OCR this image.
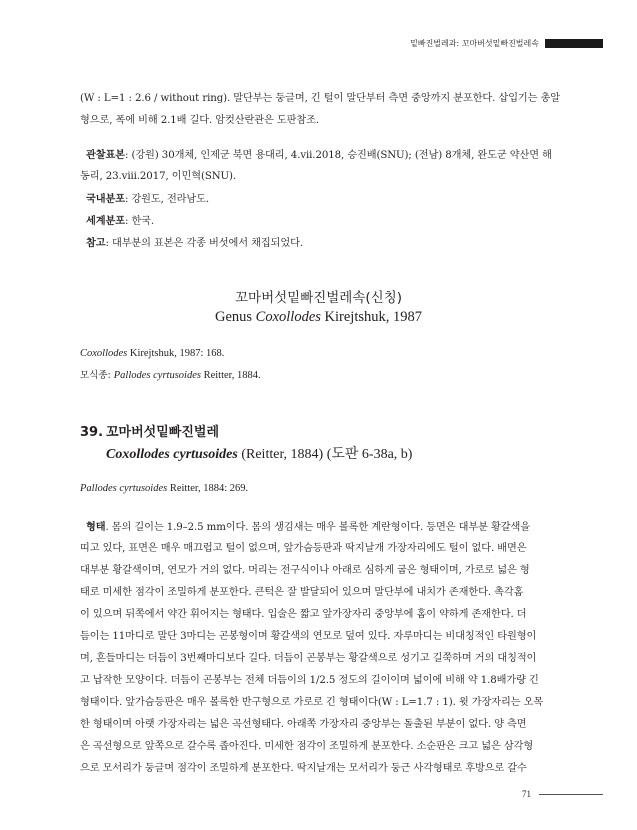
밑빠진벌레과: 꼬마버섯밑빠진벌레속

(W : L=1 : 2.6 / without ring). 말단부는 둥글며, 긴 털이 말단부터 측면 중앙까지 분포한다. 삽입기는 총알

형으로, 폭에 비해 2.1배 길다. 암컷산란관은 도판참조.

관찰표본: (강원) 30개체, 인제군 북면 용대리, 4.vii.2018, 승진배(SNU); (전남) 8개체, 완도군 약산면 해

동리, 23.viii.2017, 이민혁(SNU).

국내분포: 강원도, 전라남도.

세계분포: 한국.

참고: 대부분의 표본은 각종 버섯에서 채집되었다.

꼬마버섯밑빠진벌레속(신칭)
Genus Coxollodes Kirejtshuk, 1987

Coxollodes Kirejtshuk, 1987: 168.

모식종: Pallodes cyrtusoides Reitter, 1884.

39. 꼬마버섯밑빠진벌레
Coxollodes cyrtusoides (Reitter, 1884) (도판 6-38a, b)

Pallodes cyrtusoides Reitter, 1884: 269.

형태. 몸의 길이는 1.9–2.5 mm이다. 몸의 생김새는 매우 볼록한 계란형이다. 등면은 대부분 황갈색을

띠고 있다, 표면은 매우 매끄럽고 털이 없으며, 앞가슴등판과 딱지날개 가장자리에도 털이 없다. 배면은

대부분 황갈색이며, 연모가 거의 없다. 머리는 전구식이나 아래로 심하게 굽은 형태이며, 가로로 넓은 형

태로 미세한 점각이 조밀하게 분포한다. 큰턱은 잘 발달되어 있으며 말단부에 내치가 존재한다. 촉각홈

이 있으며 뒤쪽에서 약간 휘어지는 형태다. 입술은 짧고 앞가장자리 중앙부에 홈이 약하게 존재한다. 더

듬이는 11마디로 말단 3마디는 곤봉형이며 황갈색의 연모로 덮여 있다. 자루마디는 비대칭적인 타원형이

며, 흔들마디는 더듬이 3번째마디보다 길다. 더듬이 곤봉부는 황갈색으로 성기고 길쭉하며 거의 대칭적이

고 납작한 모양이다. 더듬이 곤봉부는 전체 더듬이의 1/2.5 정도의 길이이며 넓이에 비해 약 1.8배가량 긴

형태이다. 앞가슴등판은 매우 볼록한 반구형으로 가로로 긴 형태이다(W : L=1.7 : 1). 윗 가장자리는 오목

한 형태이며 아랫 가장자리는 넓은 곡선형태다. 아래쪽 가장자리 중앙부는 돌출된 부분이 없다. 양 측면

은 곡선형으로 앞쪽으로 갈수록 좁아진다. 미세한 점각이 조밀하게 분포한다. 소순판은 크고 넓은 삼각형

으로 모서리가 둥글며 점각이 조밀하게 분포한다. 딱지날개는 모서리가 둥근 사각형태로 후방으로 갈수

71
